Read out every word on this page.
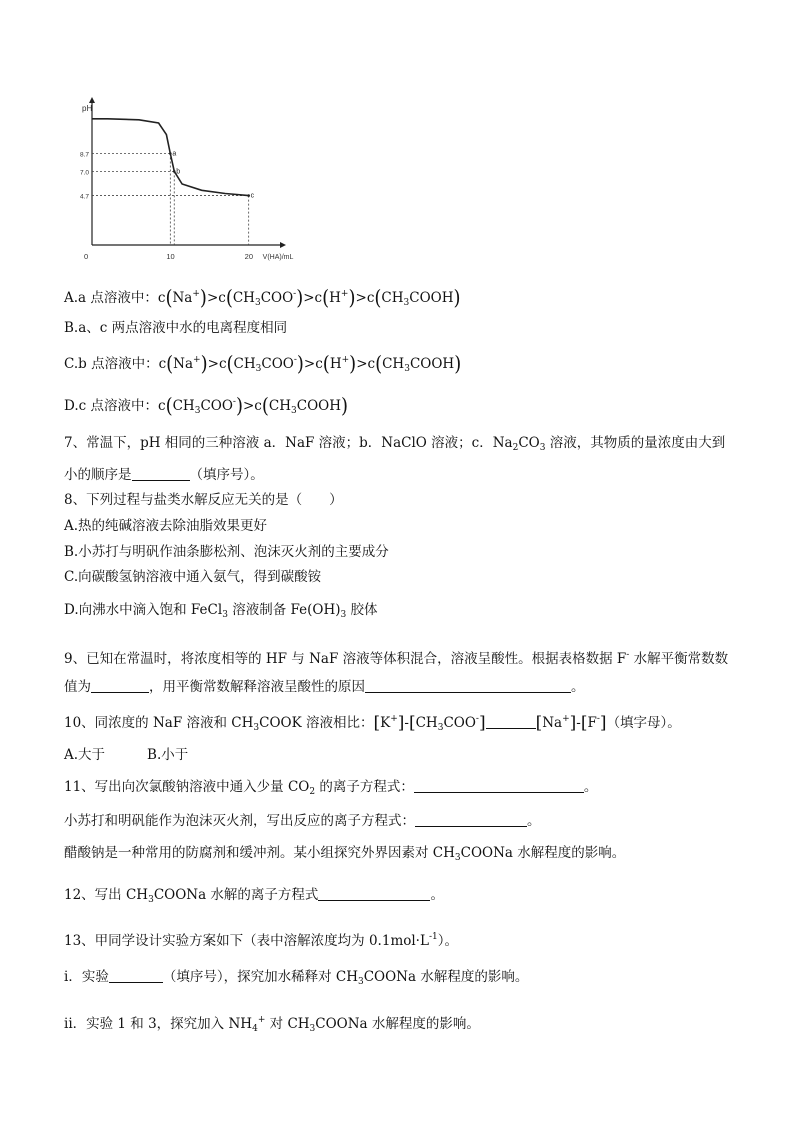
pH
V(HA)/mL
0	10	20
8.7
7.0
4.7
a
b
c
A.a 点溶液中：$c(Na^+)>c(CH_3COO^-)>c(H^+)>c(CH_3COOH)$
B.a、c 两点溶液中水的电离程度相同
C.b 点溶液中：$c(Na^+)>c(CH_3COO^-)>c(H^+)>c(CH_3COOH)$
D.c 点溶液中：$c(CH_3COO^-)>c(CH_3COOH)$
7、常温下，pH 相同的三种溶液 a．NaF 溶液；b．NaClO 溶液；c．$Na_2CO_3$ 溶液，其物质的量浓度由大到
小的顺序是	（填序号）。
8、下列过程与盐类水解反应无关的是（　　）
A.热的纯碱溶液去除油脂效果更好
B.小苏打与明矾作油条膨松剂、泡沫灭火剂的主要成分
C.向碳酸氢钠溶液中通入氨气，得到碳酸铵
D.向沸水中滴入饱和 FeCl$_3$ 溶液制备 $Fe(OH)_3$ 胶体
9、已知在常温时，将浓度相等的 HF 与 NaF 溶液等体积混合，溶液呈酸性。根据表格数据 F- 水解平衡常数数
值为	，用平衡常数解释溶液呈酸性的原因	。
10、同浓度的 NaF 溶液和 $CH_3COOK$ 溶液相比：$[K^+]-[CH_3COO^-]$	[Na+]-[F-]（填字母）。
A.大于	B.小于
11、写出向次氯酸钠溶液中通入少量 $CO_2$ 的离子方程式：	。
小苏打和明矾能作为泡沫灭火剂，写出反应的离子方程式：	。
醋酸钠是一种常用的防腐剂和缓冲剂。某小组探究外界因素对 $CH_3COONa$ 水解程度的影响。
12、写出 $CH_3COONa$ 水解的离子方程式	。
13、甲同学设计实验方案如下（表中溶解浓度均为 $0.1mol\cdot L^{-1}$）。
i．实验	（填序号），探究加水稀释对 $CH_3COONa$ 水解程度的影响。
ii．实验 1 和 3，探究加入 $NH_4^+$ 对 $CH_3COONa$ 水解程度的影响。
